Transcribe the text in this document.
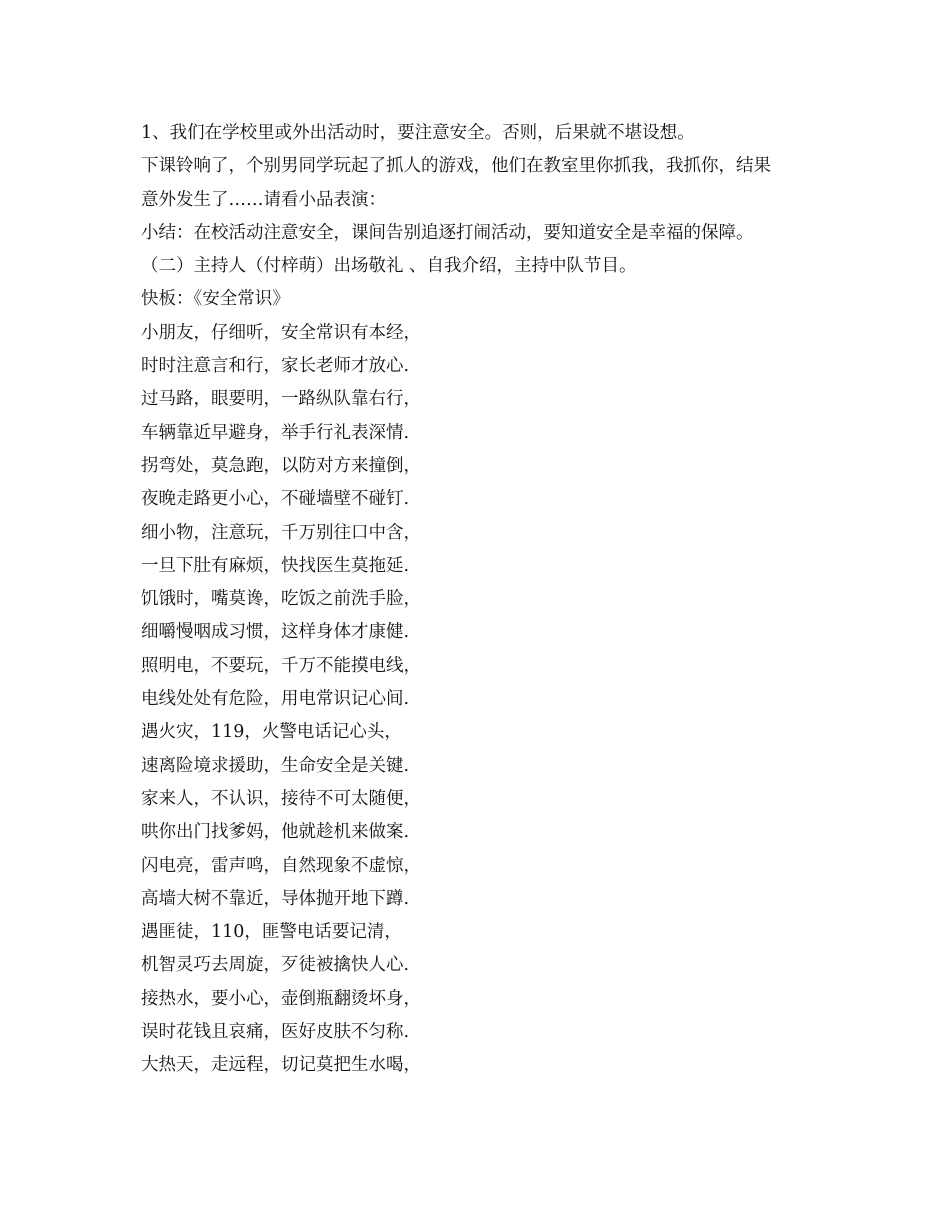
1、我们在学校里或外出活动时，要注意安全。否则，后果就不堪设想。
下课铃响了，个别男同学玩起了抓人的游戏，他们在教室里你抓我，我抓你，结果
意外发生了……请看小品表演：
小结：在校活动注意安全，课间告别追逐打闹活动，要知道安全是幸福的保障。
（二）主持人（付梓萌）出场敬礼 、自我介绍，主持中队节目。
快板：《安全常识》
小朋友，仔细听，安全常识有本经，
时时注意言和行，家长老师才放心.
过马路，眼要明，一路纵队靠右行，
车辆靠近早避身，举手行礼表深情.
拐弯处，莫急跑，以防对方来撞倒，
夜晚走路更小心，不碰墙壁不碰钉.
细小物，注意玩，千万别往口中含，
一旦下肚有麻烦，快找医生莫拖延.
饥饿时，嘴莫谗，吃饭之前洗手脸，
细嚼慢咽成习惯，这样身体才康健.
照明电，不要玩，千万不能摸电线，
电线处处有危险，用电常识记心间.
遇火灾，119，火警电话记心头，
速离险境求援助，生命安全是关键.
家来人，不认识，接待不可太随便，
哄你出门找爹妈，他就趁机来做案.
闪电亮，雷声鸣，自然现象不虚惊，
高墙大树不靠近，导体抛开地下蹲.
遇匪徒，110，匪警电话要记清，
机智灵巧去周旋，歹徒被擒快人心.
接热水，要小心，壶倒瓶翻烫坏身，
误时花钱且哀痛，医好皮肤不匀称.
大热天，走远程，切记莫把生水喝，
